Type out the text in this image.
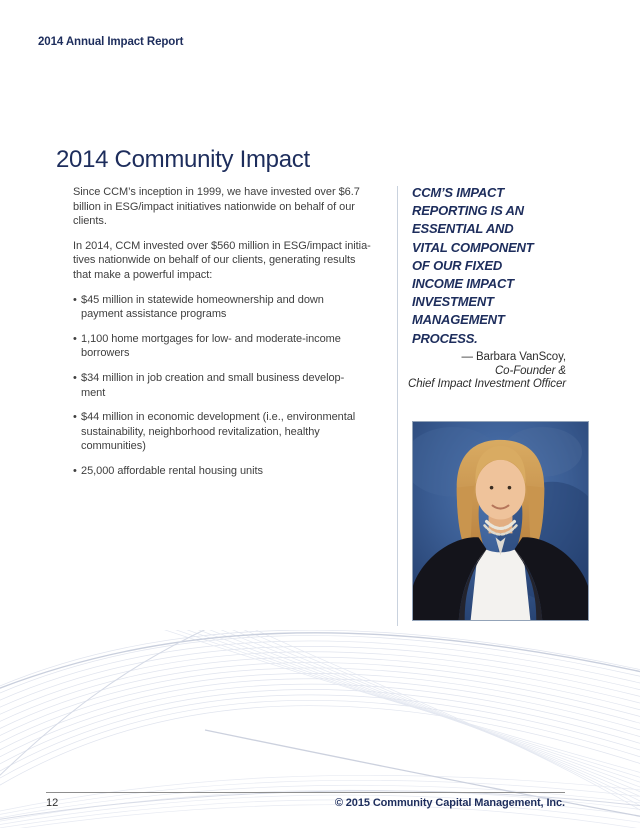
2014 Annual Impact Report
2014 Community Impact

Since CCM’s inception in 1999, we have invested over $6.7
billion in ESG/impact initiatives nationwide on behalf of our
clients.

In 2014, CCM invested over $560 million in ESG/impact initia-
tives nationwide on behalf of our clients, generating results
that make a powerful impact:

• $45 million in statewide homeownership and down
payment assistance programs
• 1,100 home mortgages for low- and moderate-income
borrowers
• $34 million in job creation and small business develop-
ment
• $44 million in economic development (i.e., environmental
sustainability, neighborhood revitalization, healthy
communities)
• 25,000 affordable rental housing units
CCM’S IMPACT
REPORTING IS AN
ESSENTIAL AND
VITAL COMPONENT
OF OUR FIXED
INCOME IMPACT
INVESTMENT
MANAGEMENT
PROCESS.
— Barbara VanScoy,
Co-Founder &
Chief Impact Investment Officer
12	© 2015 Community Capital Management, Inc.
